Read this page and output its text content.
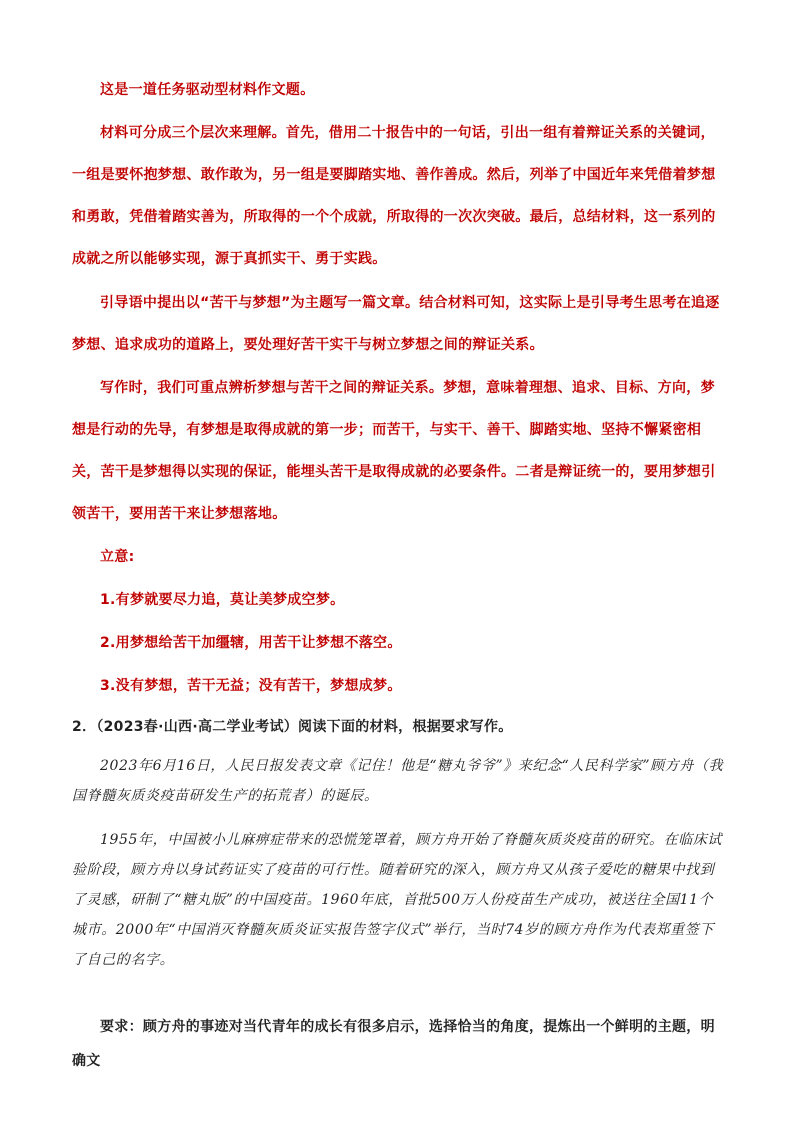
这是一道任务驱动型材料作文题。

材料可分成三个层次来理解。首先，借用二十报告中的一句话，引出一组有着辩证关系的关键词，一组是要怀抱梦想、敢作敢为，另一组是要脚踏实地、善作善成。然后，列举了中国近年来凭借着梦想和勇敢，凭借着踏实善为，所取得的一个个成就，所取得的一次次突破。最后，总结材料，这一系列的成就之所以能够实现，源于真抓实干、勇于实践。

引导语中提出以“苦干与梦想”为主题写一篇文章。结合材料可知，这实际上是引导考生思考在追逐梦想、追求成功的道路上，要处理好苦干实干与树立梦想之间的辩证关系。

写作时，我们可重点辨析梦想与苦干之间的辩证关系。梦想，意味着理想、追求、目标、方向，梦想是行动的先导，有梦想是取得成就的第一步；而苦干，与实干、善干、脚踏实地、坚持不懈紧密相关，苦干是梦想得以实现的保证，能埋头苦干是取得成就的必要条件。二者是辩证统一的，要用梦想引领苦干，要用苦干来让梦想落地。

立意:

1.有梦就要尽力追，莫让美梦成空梦。

2.用梦想给苦干加缰辖，用苦干让梦想不落空。

3.没有梦想，苦干无益；没有苦干，梦想成梦。

2．（2023春·山西·高二学业考试）阅读下面的材料，根据要求写作。

2023年6月16日，人民日报发表文章《记住！他是“糖丸爷爷”》来纪念“人民科学家”顾方舟（我国脊髓灰质炎疫苗研发生产的拓荒者）的诞辰。

1955年，中国被小儿麻痹症带来的恐慌笼罩着，顾方舟开始了脊髓灰质炎疫苗的研究。在临床试验阶段，顾方舟以身试药证实了疫苗的可行性。随着研究的深入，顾方舟又从孩子爱吃的糖果中找到了灵感，研制了“糖丸版”的中国疫苗。1960年底，首批500万人份疫苗生产成功，被送往全国11个城市。2000年“中国消灭脊髓灰质炎证实报告签字仪式”举行，当时74岁的顾方舟作为代表郑重签下了自己的名字。

要求：顾方舟的事迹对当代青年的成长有很多启示，选择恰当的角度，提炼出一个鲜明的主题，明确文
